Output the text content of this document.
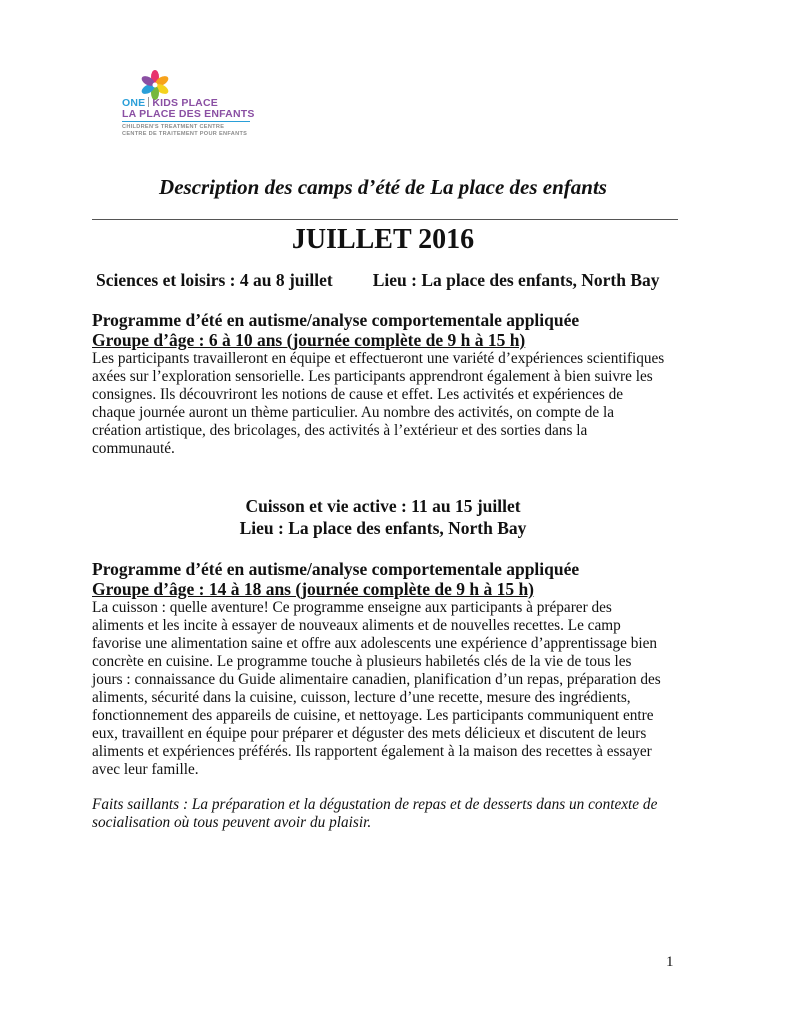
ONE KIDS PLACE
LA PLACE DES ENFANTS
CHILDREN'S TREATMENT CENTRE
CENTRE DE TRAITEMENT POUR ENFANTS
Description des camps d’été de La place des enfants
JUILLET 2016
Sciences et loisirs : 4 au 8 juillet Lieu : La place des enfants, North Bay
Programme d’été en autisme/analyse comportementale appliquée
Groupe d’âge : 6 à 10 ans (journée complète de 9 h à 15 h)
Les participants travailleront en équipe et effectueront une variété d’expériences scientifiques
axées sur l’exploration sensorielle. Les participants apprendront également à bien suivre les
consignes. Ils découvriront les notions de cause et effet. Les activités et expériences de
chaque journée auront un thème particulier. Au nombre des activités, on compte de la
création artistique, des bricolages, des activités à l’extérieur et des sorties dans la
communauté.
Cuisson et vie active : 11 au 15 juillet
Lieu : La place des enfants, North Bay
Programme d’été en autisme/analyse comportementale appliquée
Groupe d’âge : 14 à 18 ans (journée complète de 9 h à 15 h)
La cuisson : quelle aventure! Ce programme enseigne aux participants à préparer des
aliments et les incite à essayer de nouveaux aliments et de nouvelles recettes. Le camp
favorise une alimentation saine et offre aux adolescents une expérience d’apprentissage bien
concrète en cuisine. Le programme touche à plusieurs habiletés clés de la vie de tous les
jours : connaissance du Guide alimentaire canadien, planification d’un repas, préparation des
aliments, sécurité dans la cuisine, cuisson, lecture d’une recette, mesure des ingrédients,
fonctionnement des appareils de cuisine, et nettoyage. Les participants communiquent entre
eux, travaillent en équipe pour préparer et déguster des mets délicieux et discutent de leurs
aliments et expériences préférés. Ils rapportent également à la maison des recettes à essayer
avec leur famille.
Faits saillants : La préparation et la dégustation de repas et de desserts dans un contexte de
socialisation où tous peuvent avoir du plaisir.
1
